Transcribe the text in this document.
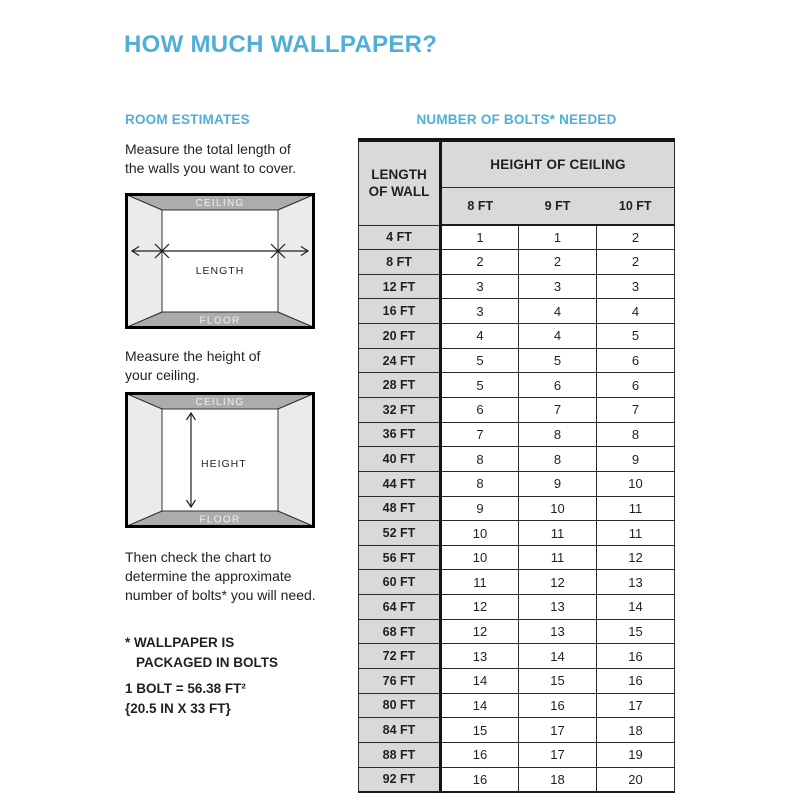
HOW MUCH WALLPAPER?
ROOM ESTIMATES
Measure the total length of
the walls you want to cover.
CEILING
FLOOR
LENGTH
Measure the height of
your ceiling.
CEILING
FLOOR
HEIGHT
Then check the chart to
determine the approximate
number of bolts* you will need.
* WALLPAPER IS
PACKAGED IN BOLTS
1 BOLT = 56.38 FT²
{20.5 IN X 33 FT}
NUMBER OF BOLTS* NEEDED
LENGTH
OF WALL	HEIGHT OF CEILING		
	8 FT	9 FT	10 FT
4 FT	1	1	2
8 FT	2	2	2
12 FT	3	3	3
16 FT	3	4	4
20 FT	4	4	5
24 FT	5	5	6
28 FT	5	6	6
32 FT	6	7	7
36 FT	7	8	8
40 FT	8	8	9
44 FT	8	9	10
48 FT	9	10	11
52 FT	10	11	11
56 FT	10	11	12
60 FT	11	12	13
64 FT	12	13	14
68 FT	12	13	15
72 FT	13	14	16
76 FT	14	15	16
80 FT	14	16	17
84 FT	15	17	18
88 FT	16	17	19
92 FT	16	18	20
